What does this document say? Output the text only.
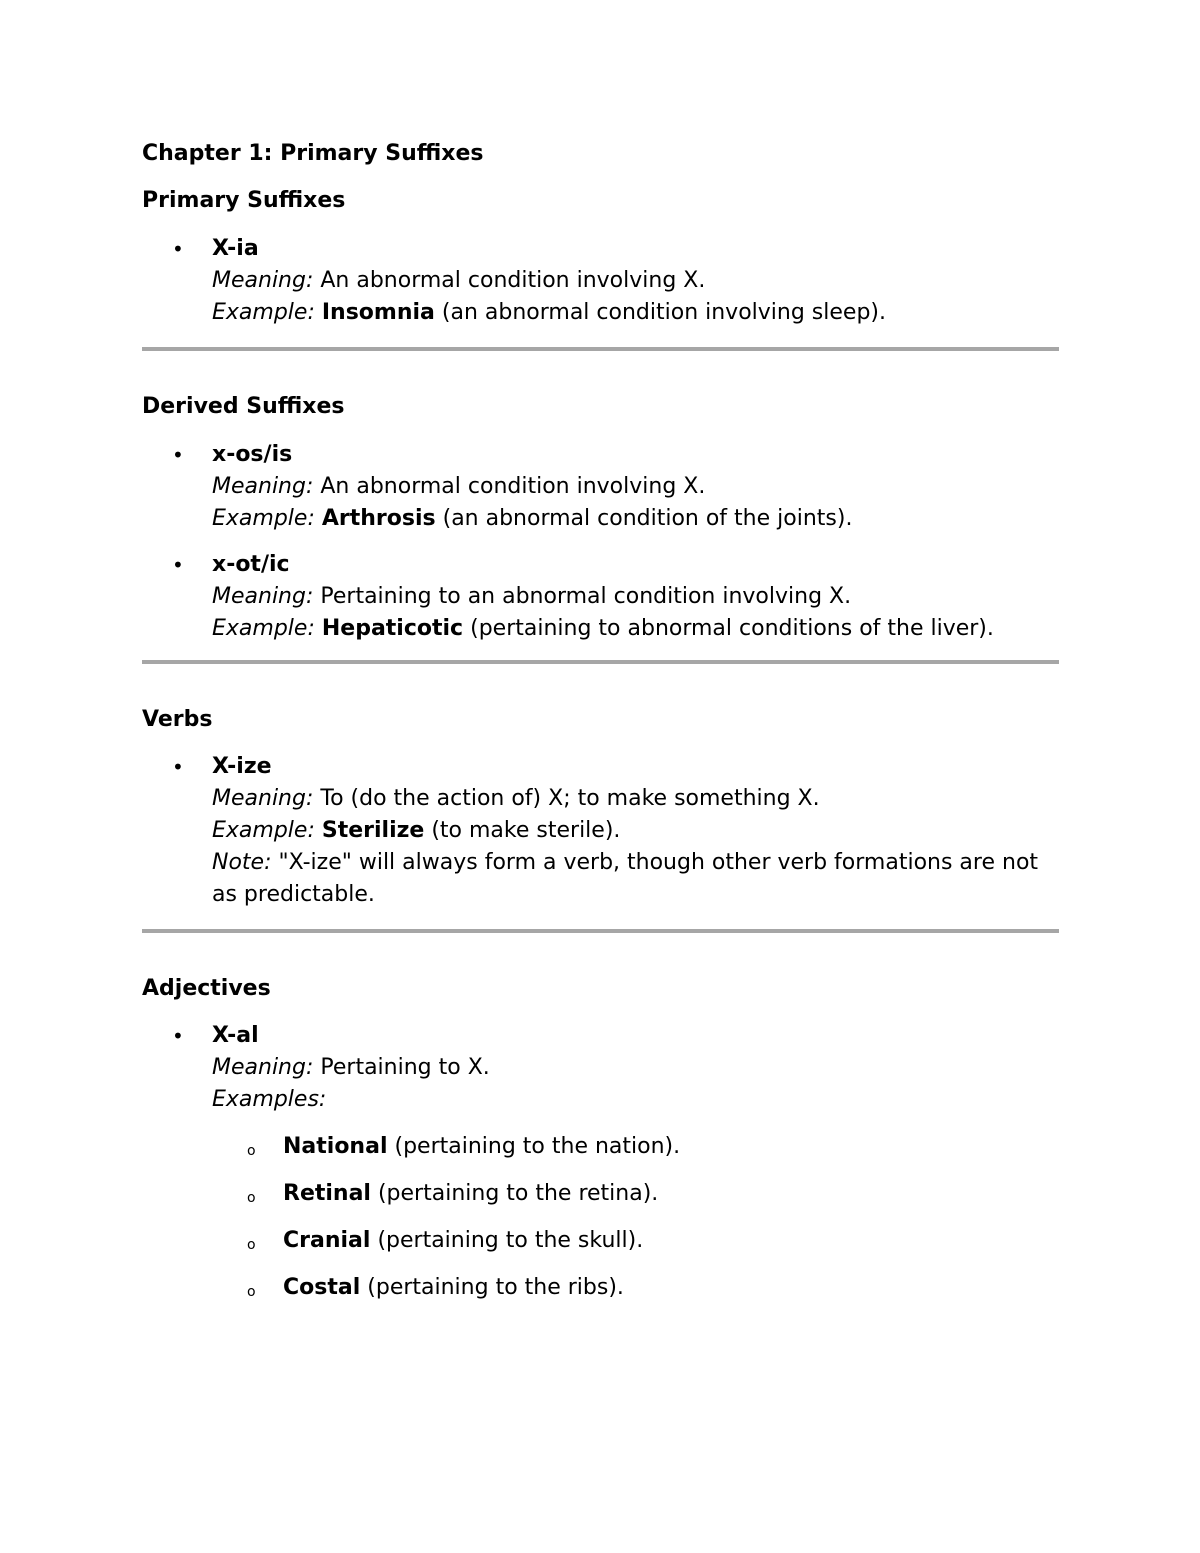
Chapter 1: Primary Suffixes
Primary Suffixes
• X-ia
Meaning: An abnormal condition involving X.
Example: Insomnia (an abnormal condition involving sleep).
Derived Suffixes
• x-os/is
Meaning: An abnormal condition involving X.
Example: Arthrosis (an abnormal condition of the joints).
• x-ot/ic
Meaning: Pertaining to an abnormal condition involving X.
Example: Hepaticotic (pertaining to abnormal conditions of the liver).
Verbs
• X-ize
Meaning: To (do the action of) X; to make something X.
Example: Sterilize (to make sterile).
Note: "X-ize" will always form a verb, though other verb formations are not as predictable.
Adjectives
• X-al
Meaning: Pertaining to X.
Examples:
o National (pertaining to the nation).
o Retinal (pertaining to the retina).
o Cranial (pertaining to the skull).
o Costal (pertaining to the ribs).
